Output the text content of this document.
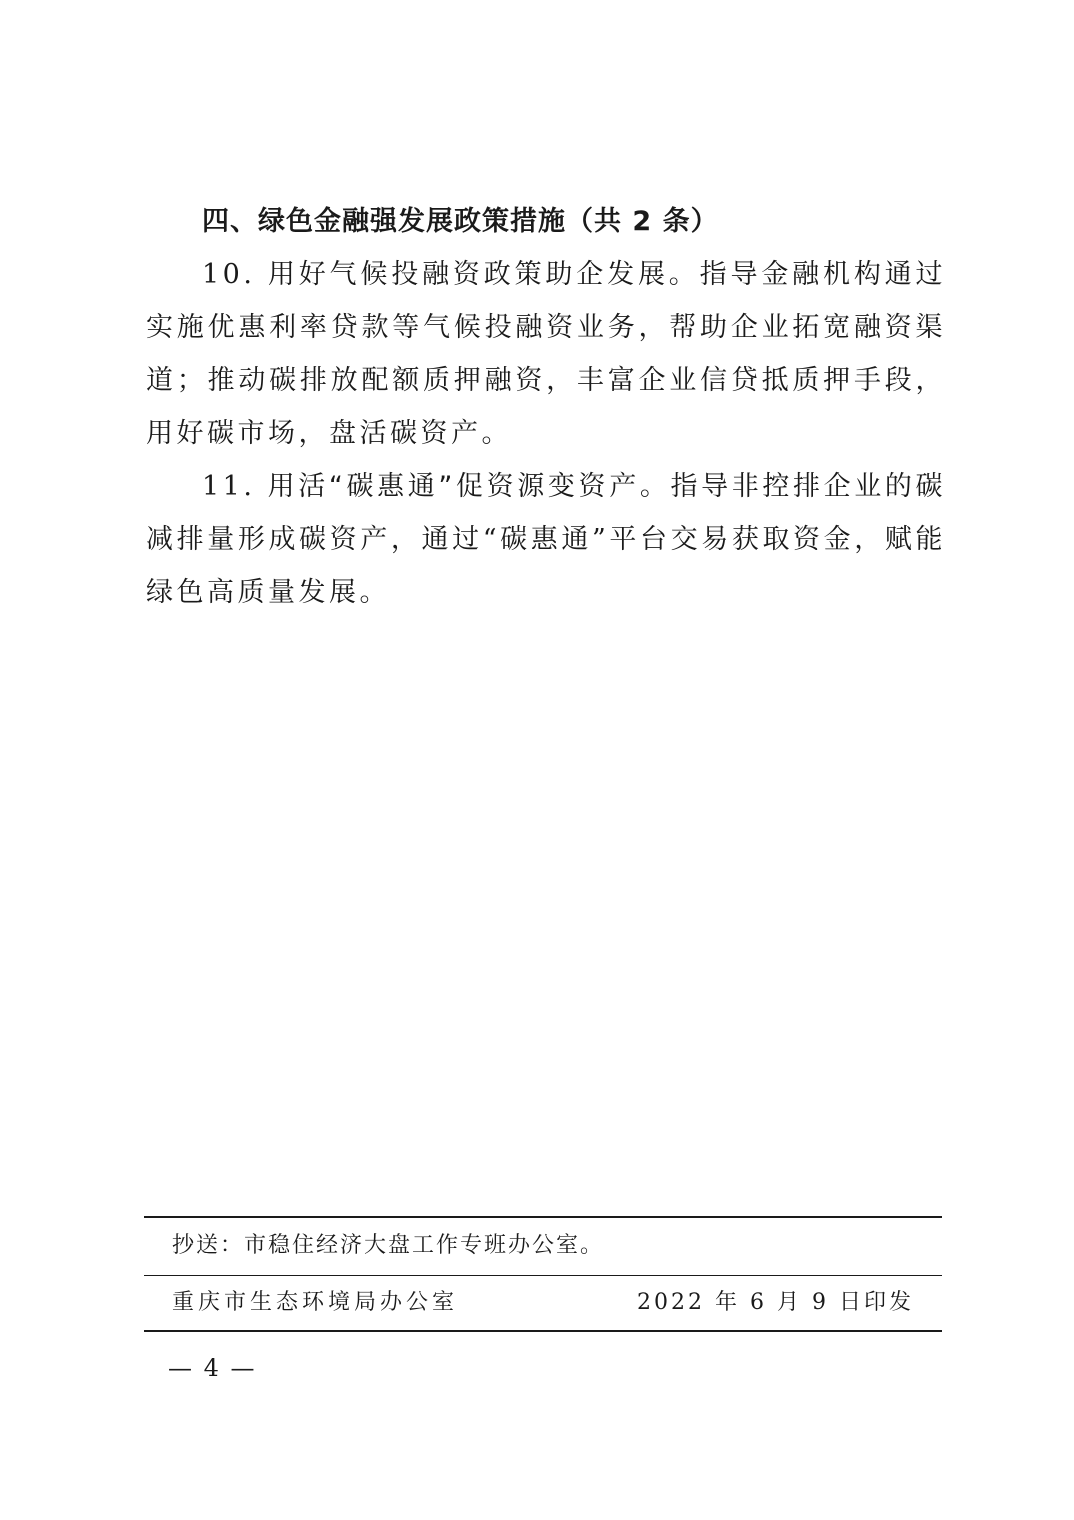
四、绿色金融强发展政策措施（共 2 条）

10. 用好气候投融资政策助企发展。指导金融机构通过实施优惠利率贷款等气候投融资业务，帮助企业拓宽融资渠道；推动碳排放配额质押融资，丰富企业信贷抵质押手段，用好碳市场，盘活碳资产。

11. 用活“碳惠通”促资源变资产。指导非控排企业的碳减排量形成碳资产，通过“碳惠通”平台交易获取资金，赋能绿色高质量发展。

抄送：市稳住经济大盘工作专班办公室。
重庆市生态环境局办公室	2022 年 6 月 9 日印发
— 4 —
